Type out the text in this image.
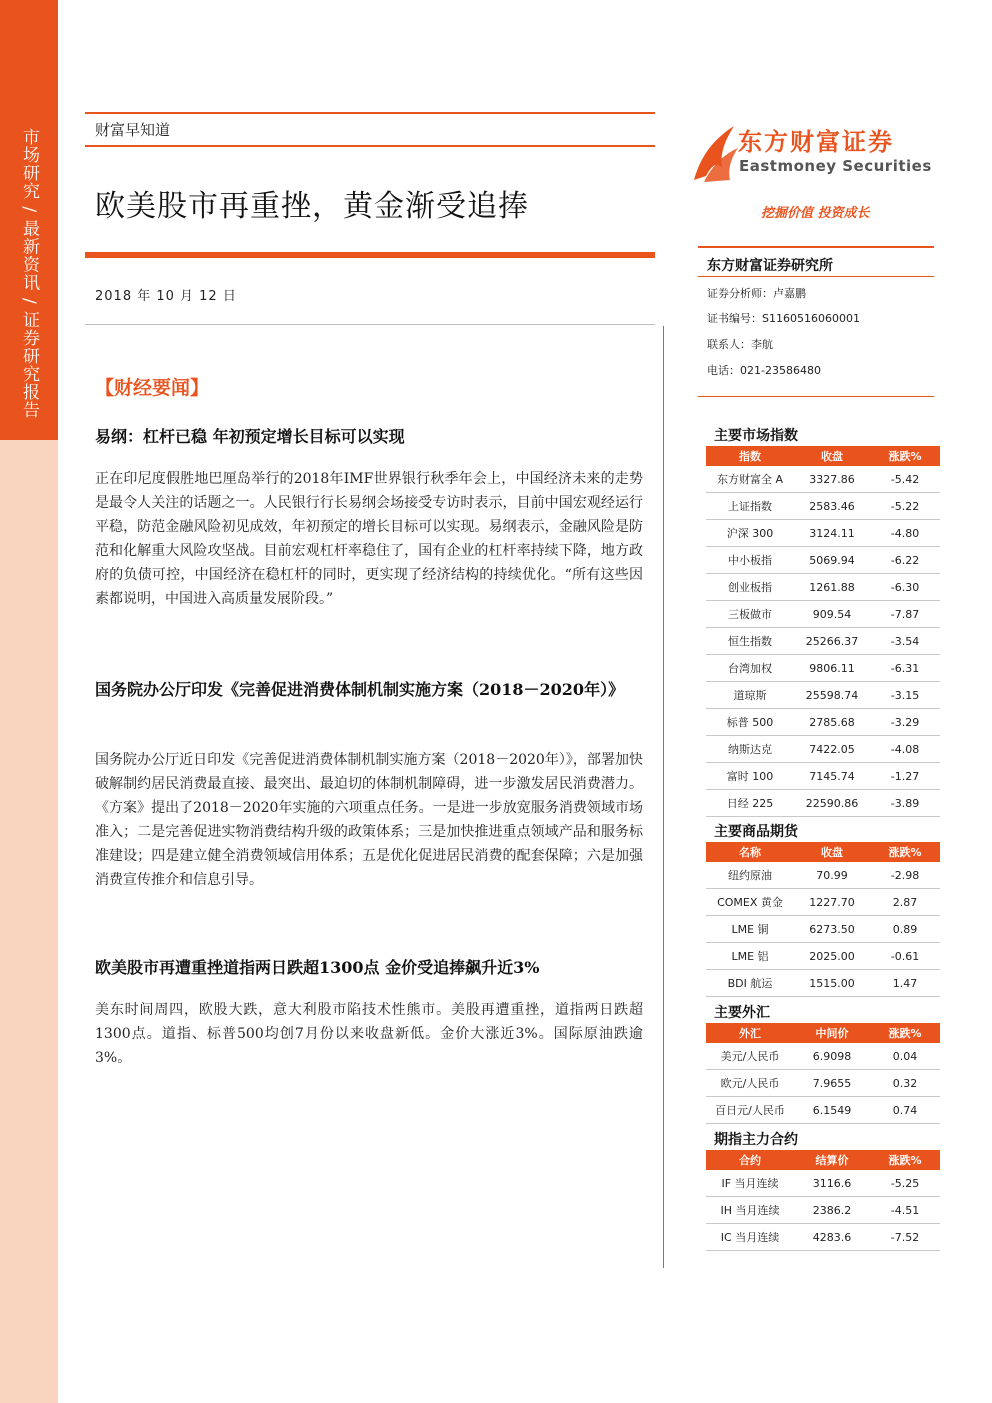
市场研究 / 最新资讯 / 证券研究报告	财富早知道
欧美股市再重挫，黄金渐受追捧
2018 年 10 月 12 日
【财经要闻】
易纲：杠杆已稳 年初预定增长目标可以实现
正在印尼度假胜地巴厘岛举行的2018年IMF世界银行秋季年会上，中国经济未来的走势是最令人关注的话题之一。人民银行行长易纲会场接受专访时表示，目前中国宏观经运行平稳，防范金融风险初见成效，年初预定的增长目标可以实现。易纲表示，金融风险是防范和化解重大风险攻坚战。目前宏观杠杆率稳住了，国有企业的杠杆率持续下降，地方政府的负债可控，中国经济在稳杠杆的同时，更实现了经济结构的持续优化。“所有这些因素都说明，中国进入高质量发展阶段。”
国务院办公厅印发《完善促进消费体制机制实施方案（2018－2020年）》
国务院办公厅近日印发《完善促进消费体制机制实施方案（2018－2020年）》，部署加快破解制约居民消费最直接、最突出、最迫切的体制机制障碍，进一步激发居民消费潜力。《方案》提出了2018－2020年实施的六项重点任务。一是进一步放宽服务消费领域市场准入；二是完善促进实物消费结构升级的政策体系；三是加快推进重点领域产品和服务标准建设；四是建立健全消费领域信用体系；五是优化促进居民消费的配套保障；六是加强消费宣传推介和信息引导。
欧美股市再遭重挫道指两日跌超1300点 金价受追捧飙升近3%
美东时间周四，欧股大跌，意大利股市陷技术性熊市。美股再遭重挫，道指两日跌超1300点。道指、标普500均创7月份以来收盘新低。金价大涨近3%。国际原油跌逾3%。
东方财富证券
Eastmoney Securities
挖掘价值 投资成长
东方财富证券研究所
证券分析师：卢嘉鹏
证书编号：S1160516060001
联系人：李航
电话：021-23586480
主要市场指数
指数	收盘	涨跌%
东方财富全 A	3327.86	-5.42
上证指数	2583.46	-5.22
沪深 300	3124.11	-4.80
中小板指	5069.94	-6.22
创业板指	1261.88	-6.30
三板做市	909.54	-7.87
恒生指数	25266.37	-3.54
台湾加权	9806.11	-6.31
道琼斯	25598.74	-3.15
标普 500	2785.68	-3.29
纳斯达克	7422.05	-4.08
富时 100	7145.74	-1.27
日经 225	22590.86	-3.89
主要商品期货
名称	收盘	涨跌%
纽约原油	70.99	-2.98
COMEX 黄金	1227.70	2.87
LME 铜	6273.50	0.89
LME 铝	2025.00	-0.61
BDI 航运	1515.00	1.47
主要外汇
外汇	中间价	涨跌%
美元/人民币	6.9098	0.04
欧元/人民币	7.9655	0.32
百日元/人民币	6.1549	0.74
期指主力合约
合约	结算价	涨跌%
IF 当月连续	3116.6	-5.25
IH 当月连续	2386.2	-4.51
IC 当月连续	4283.6	-7.52
